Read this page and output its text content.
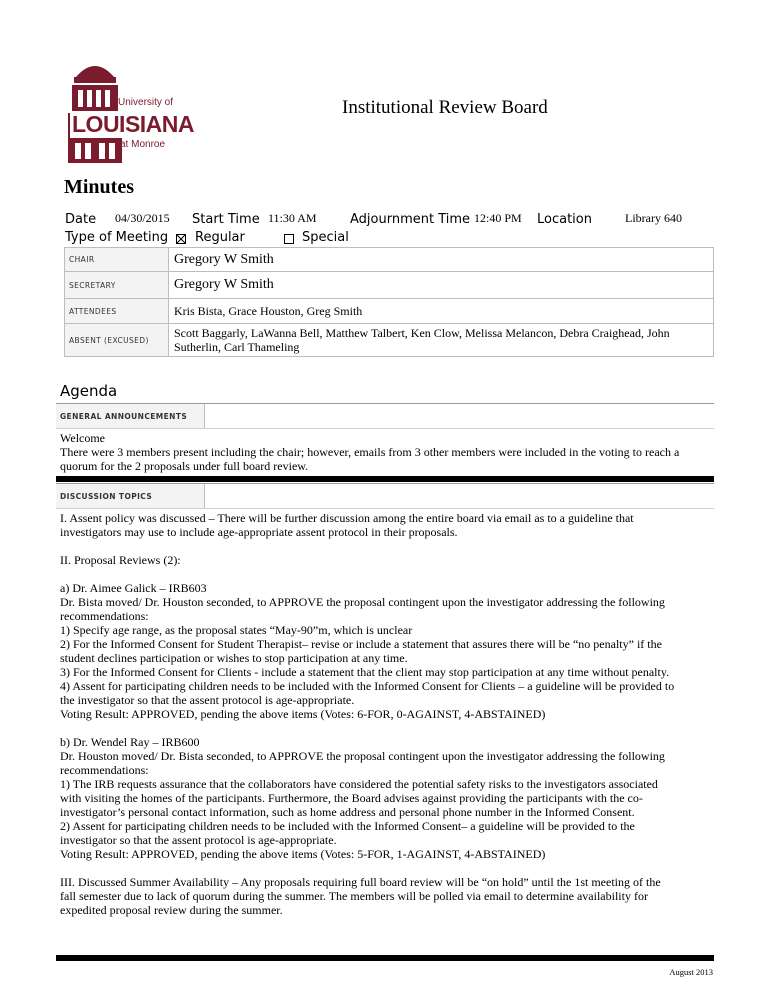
University of
LOUISIANA
at Monroe
Institutional Review Board
Minutes
Date 04/30/2015 Start Time 11:30 AM	Adjournment Time 12:40 PM Location	Library 640
Type of Meeting Regular	Special
CHAIR	Gregory W Smith
SECRETARY	Gregory W Smith
ATTENDEES	Kris Bista, Grace Houston, Greg Smith
ABSENT (EXCUSED)	Scott Baggarly, LaWanna Bell, Matthew Talbert, Ken Clow, Melissa Melancon, Debra Craighead, John
Sutherlin, Carl Thameling
Agenda
GENERAL ANNOUNCEMENTS
Welcome
There were 3 members present including the chair; however, emails from 3 other members were included in the voting to reach a
quorum for the 2 proposals under full board review.
DISCUSSION TOPICS
I. Assent policy was discussed – There will be further discussion among the entire board via email as to a guideline that
investigators may use to include age-appropriate assent protocol in their proposals.
II. Proposal Reviews (2):
a) Dr. Aimee Galick – IRB603
Dr. Bista moved/ Dr. Houston seconded, to APPROVE the proposal contingent upon the investigator addressing the following
recommendations:
1) Specify age range, as the proposal states “May-90”m, which is unclear
2) For the Informed Consent for Student Therapist– revise or include a statement that assures there will be “no penalty” if the
student declines participation or wishes to stop participation at any time.
3) For the Informed Consent for Clients - include a statement that the client may stop participation at any time without penalty.
4) Assent for participating children needs to be included with the Informed Consent for Clients – a guideline will be provided to
the investigator so that the assent protocol is age-appropriate.
Voting Result: APPROVED, pending the above items (Votes: 6-FOR, 0-AGAINST, 4-ABSTAINED)
b) Dr. Wendel Ray – IRB600
Dr. Houston moved/ Dr. Bista seconded, to APPROVE the proposal contingent upon the investigator addressing the following
recommendations:
1) The IRB requests assurance that the collaborators have considered the potential safety risks to the investigators associated
with visiting the homes of the participants. Furthermore, the Board advises against providing the participants with the co-
investigator’s personal contact information, such as home address and personal phone number in the Informed Consent.
2) Assent for participating children needs to be included with the Informed Consent– a guideline will be provided to the
investigator so that the assent protocol is age-appropriate.
Voting Result: APPROVED, pending the above items (Votes: 5-FOR, 1-AGAINST, 4-ABSTAINED)
III. Discussed Summer Availability – Any proposals requiring full board review will be “on hold” until the 1st meeting of the
fall semester due to lack of quorum during the summer. The members will be polled via email to determine availability for
expedited proposal review during the summer.
August 2013
